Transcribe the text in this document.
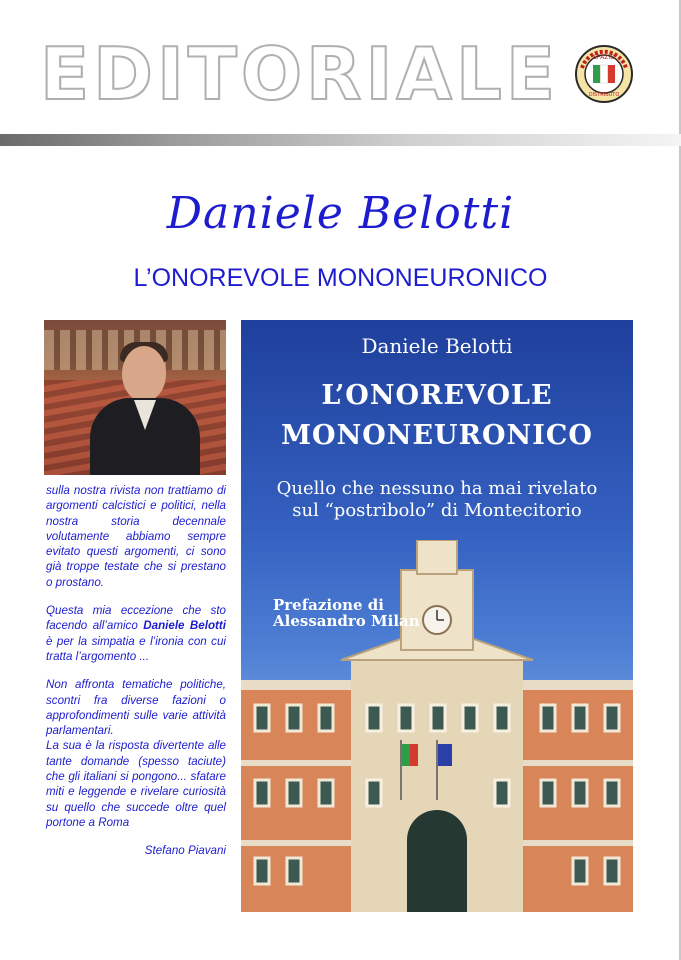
EDITORIALE	SPAZIO
DISTRIBUTO
Daniele Belotti
L’ONOREVOLE MONONEURONICO

sulla nostra rivista non trattiamo di argomenti calcistici e politici, nella nostra storia decennale volutamente abbiamo sempre evitato questi argomenti, ci sono già troppe testate che si prestano o prostano.

Questa mia eccezione che sto facendo all’amico Daniele Belotti è per la simpatia e l’ironia con cui tratta l’argomento ...

Non affronta tematiche politiche, scontri fra diverse fazioni o approfondimenti sulle varie attività parlamentari.

La sua è la risposta divertente alle tante domande (spesso taciute) che gli italiani si pongono... sfatare miti e leggende e rivelare curiosità su quello che succede oltre quel portone a Roma

Stefano Piavani
Daniele Belotti
L’ONOREVOLE
MONONEURONICO
Quello che nessuno ha mai rivelato
sul “postribolo” di Montecitorio
Prefazione di
Alessandro Milan
